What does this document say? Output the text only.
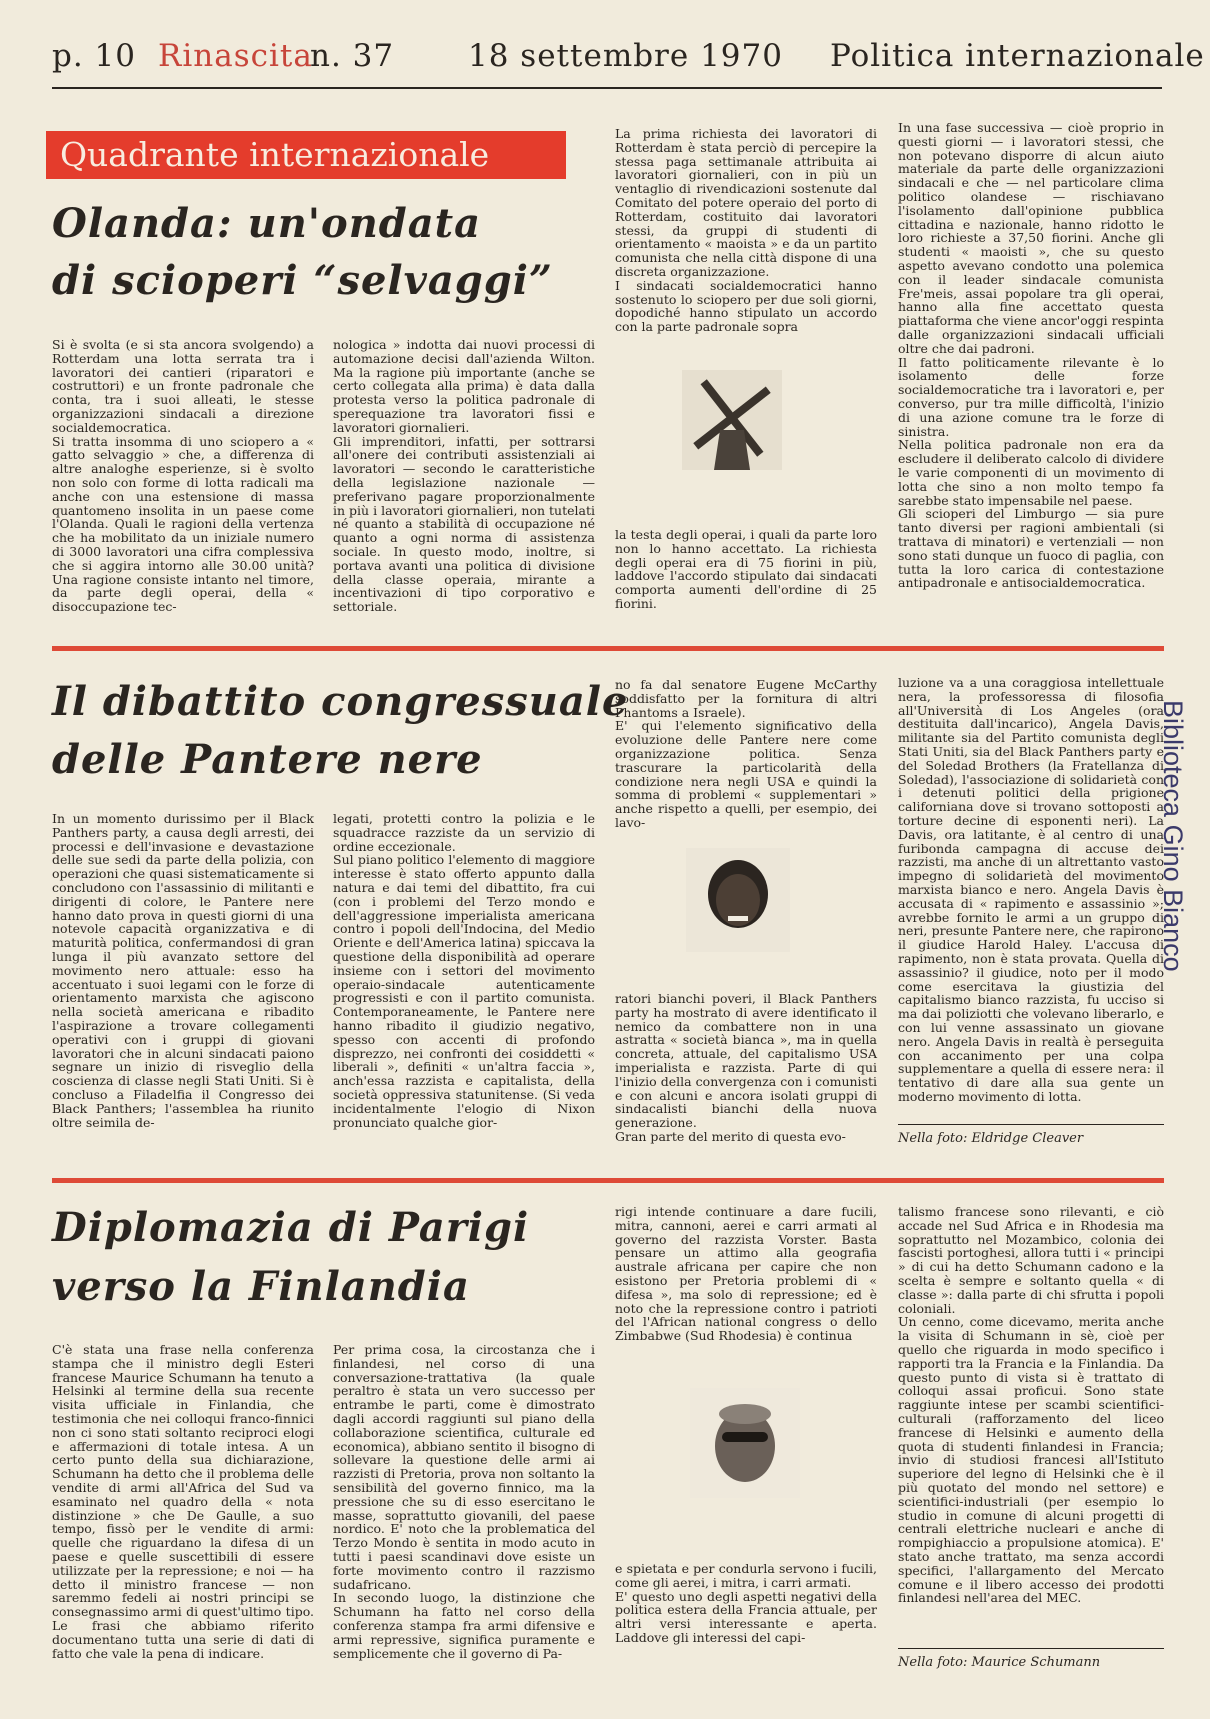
p. 10 Rinascita
n. 37 18 settembre 1970 Politica internazionale
Quadrante internazionale
Olanda: un'ondata
di scioperi “selvaggi”
Si è svolta (e si sta ancora svolgendo) a Rotterdam una lotta serrata tra i lavoratori dei cantieri (riparatori e costruttori) e un fronte padronale che conta, tra i suoi alleati, le stesse organizzazioni sindacali a direzione socialdemocratica.
Si tratta insomma di uno sciopero a « gatto selvaggio » che, a differenza di altre analoghe esperienze, si è svolto non solo con forme di lotta radicali ma anche con una estensione di massa quantomeno insolita in un paese come l'Olanda. Quali le ragioni della vertenza che ha mobilitato da un iniziale numero di 3000 lavoratori una cifra complessiva che si aggira intorno alle 30.00 unità? Una ragione consiste intanto nel timore, da parte degli operai, della « disoccupazione tec-
nologica » indotta dai nuovi processi di automazione decisi dall'azienda Wilton. Ma la ragione più importante (anche se certo collegata alla prima) è data dalla protesta verso la politica padronale di sperequazione tra lavoratori fissi e lavoratori giornalieri.
Gli imprenditori, infatti, per sottrarsi all'onere dei contributi assistenziali ai lavoratori — secondo le caratteristiche della legislazione nazionale — preferivano pagare proporzionalmente in più i lavoratori giornalieri, non tutelati né quanto a stabilità di occupazione né quanto a ogni norma di assistenza sociale. In questo modo, inoltre, si portava avanti una politica di divisione della classe operaia, mirante a incentivazioni di tipo corporativo e settoriale.
La prima richiesta dei lavoratori di Rotterdam è stata perciò di percepire la stessa paga settimanale attribuita ai lavoratori giornalieri, con in più un ventaglio di rivendicazioni sostenute dal Comitato del potere operaio del porto di Rotterdam, costituito dai lavoratori stessi, da gruppi di studenti di orientamento « maoista » e da un partito comunista che nella città dispone di una discreta organizzazione.
I sindacati socialdemocratici hanno sostenuto lo sciopero per due soli giorni, dopodiché hanno stipulato un accordo con la parte padronale sopra
la testa degli operai, i quali da parte loro non lo hanno accettato. La richiesta degli operai era di 75 fiorini in più, laddove l'accordo stipulato dai sindacati comporta aumenti dell'ordine di 25 fiorini.
In una fase successiva — cioè proprio in questi giorni — i lavoratori stessi, che non potevano disporre di alcun aiuto materiale da parte delle organizzazioni sindacali e che — nel particolare clima politico olandese — rischiavano l'isolamento dall'opinione pubblica cittadina e nazionale, hanno ridotto le loro richieste a 37,50 fiorini. Anche gli studenti « maoisti », che su questo aspetto avevano condotto una polemica con il leader sindacale comunista Fre'meis, assai popolare tra gli operai, hanno alla fine accettato questa piattaforma che viene ancor'oggi respinta dalle organizzazioni sindacali ufficiali oltre che dai padroni.
Il fatto politicamente rilevante è lo isolamento delle forze socialdemocratiche tra i lavoratori e, per converso, pur tra mille difficoltà, l'inizio di una azione comune tra le forze di sinistra.
Nella politica padronale non era da escludere il deliberato calcolo di dividere le varie componenti di un movimento di lotta che sino a non molto tempo fa sarebbe stato impensabile nel paese.
Gli scioperi del Limburgo — sia pure tanto diversi per ragioni ambientali (si trattava di minatori) e vertenziali — non sono stati dunque un fuoco di paglia, con tutta la loro carica di contestazione antipadronale e antisocialdemocratica.
Il dibattito congressuale
delle Pantere nere
In un momento durissimo per il Black Panthers party, a causa degli arresti, dei processi e dell'invasione e devastazione delle sue sedi da parte della polizia, con operazioni che quasi sistematicamente si concludono con l'assassinio di militanti e dirigenti di colore, le Pantere nere hanno dato prova in questi giorni di una notevole capacità organizzativa e di maturità politica, confermandosi di gran lunga il più avanzato settore del movimento nero attuale: esso ha accentuato i suoi legami con le forze di orientamento marxista che agiscono nella società americana e ribadito l'aspirazione a trovare collegamenti operativi con i gruppi di giovani lavoratori che in alcuni sindacati paiono segnare un inizio di risveglio della coscienza di classe negli Stati Uniti. Si è concluso a Filadelfia il Congresso dei Black Panthers; l'assemblea ha riunito oltre seimila de-
legati, protetti contro la polizia e le squadracce razziste da un servizio di ordine eccezionale.
Sul piano politico l'elemento di maggiore interesse è stato offerto appunto dalla natura e dai temi del dibattito, fra cui (con i problemi del Terzo mondo e dell'aggressione imperialista americana contro i popoli dell'Indocina, del Medio Oriente e dell'America latina) spiccava la questione della disponibilità ad operare insieme con i settori del movimento operaio-sindacale autenticamente progressisti e con il partito comunista. Contemporaneamente, le Pantere nere hanno ribadito il giudizio negativo, spesso con accenti di profondo disprezzo, nei confronti dei cosiddetti « liberali », definiti « un'altra faccia », anch'essa razzista e capitalista, della società oppressiva statunitense. (Si veda incidentalmente l'elogio di Nixon pronunciato qualche gior-
no fa dal senatore Eugene McCarthy soddisfatto per la fornitura di altri Phantoms a Israele).
E' qui l'elemento significativo della evoluzione delle Pantere nere come organizzazione politica. Senza trascurare la particolarità della condizione nera negli USA e quindi la somma di problemi « supplementari » anche rispetto a quelli, per esempio, dei lavo-
ratori bianchi poveri, il Black Panthers party ha mostrato di avere identificato il nemico da combattere non in una astratta « società bianca », ma in quella concreta, attuale, del capitalismo USA imperialista e razzista. Parte di qui l'inizio della convergenza con i comunisti e con alcuni e ancora isolati gruppi di sindacalisti bianchi della nuova generazione.
Gran parte del merito di questa evo-
luzione va a una coraggiosa intellettuale nera, la professoressa di filosofia all'Università di Los Angeles (ora destituita dall'incarico), Angela Davis, militante sia del Partito comunista degli Stati Uniti, sia del Black Panthers party e del Soledad Brothers (la Fratellanza di Soledad), l'associazione di solidarietà con i detenuti politici della prigione californiana dove si trovano sottoposti a torture decine di esponenti neri). La Davis, ora latitante, è al centro di una furibonda campagna di accuse dei razzisti, ma anche di un altrettanto vasto impegno di solidarietà del movimento marxista bianco e nero. Angela Davis è accusata di « rapimento e assassinio »; avrebbe fornito le armi a un gruppo di neri, presunte Pantere nere, che rapirono il giudice Harold Haley. L'accusa di rapimento, non è stata provata. Quella di assassinio? il giudice, noto per il modo come esercitava la giustizia del capitalismo bianco razzista, fu ucciso si ma dai poliziotti che volevano liberarlo, e con lui venne assassinato un giovane nero. Angela Davis in realtà è perseguita con accanimento per una colpa supplementare a quella di essere nera: il tentativo di dare alla sua gente un moderno movimento di lotta.
Nella foto: Eldridge Cleaver
Diplomazia di Parigi
verso la Finlandia
C'è stata una frase nella conferenza stampa che il ministro degli Esteri francese Maurice Schumann ha tenuto a Helsinki al termine della sua recente visita ufficiale in Finlandia, che testimonia che nei colloqui franco-finnici non ci sono stati soltanto reciproci elogi e affermazioni di totale intesa. A un certo punto della sua dichiarazione, Schumann ha detto che il problema delle vendite di armi all'Africa del Sud va esaminato nel quadro della « nota distinzione » che De Gaulle, a suo tempo, fissò per le vendite di armi: quelle che riguardano la difesa di un paese e quelle suscettibili di essere utilizzate per la repressione; e noi — ha detto il ministro francese — non saremmo fedeli ai nostri principi se consegnassimo armi di quest'ultimo tipo. Le frasi che abbiamo riferito documentano tutta una serie di dati di fatto che vale la pena di indicare.
Per prima cosa, la circostanza che i finlandesi, nel corso di una conversazione-trattativa (la quale peraltro è stata un vero successo per entrambe le parti, come è dimostrato dagli accordi raggiunti sul piano della collaborazione scientifica, culturale ed economica), abbiano sentito il bisogno di sollevare la questione delle armi ai razzisti di Pretoria, prova non soltanto la sensibilità del governo finnico, ma la pressione che su di esso esercitano le masse, soprattutto giovanili, del paese nordico. E' noto che la problematica del Terzo Mondo è sentita in modo acuto in tutti i paesi scandinavi dove esiste un forte movimento contro il razzismo sudafricano.
In secondo luogo, la distinzione che Schumann ha fatto nel corso della conferenza stampa fra armi difensive e armi repressive, significa puramente e semplicemente che il governo di Pa-
rigi intende continuare a dare fucili, mitra, cannoni, aerei e carri armati al governo del razzista Vorster. Basta pensare un attimo alla geografia australe africana per capire che non esistono per Pretoria problemi di « difesa », ma solo di repressione; ed è noto che la repressione contro i patrioti del l'African national congress o dello Zimbabwe (Sud Rhodesia) è continua
e spietata e per condurla servono i fucili, come gli aerei, i mitra, i carri armati.
E' questo uno degli aspetti negativi della politica estera della Francia attuale, per altri versi interessante e aperta. Laddove gli interessi del capi-
talismo francese sono rilevanti, e ciò accade nel Sud Africa e in Rhodesia ma soprattutto nel Mozambico, colonia dei fascisti portoghesi, allora tutti i « principi » di cui ha detto Schumann cadono e la scelta è sempre e soltanto quella « di classe »: dalla parte di chi sfrutta i popoli coloniali.
Un cenno, come dicevamo, merita anche la visita di Schumann in sè, cioè per quello che riguarda in modo specifico i rapporti tra la Francia e la Finlandia. Da questo punto di vista si è trattato di colloqui assai proficui. Sono state raggiunte intese per scambi scientifici-culturali (rafforzamento del liceo francese di Helsinki e aumento della quota di studenti finlandesi in Francia; invio di studiosi francesi all'Istituto superiore del legno di Helsinki che è il più quotato del mondo nel settore) e scientifici-industriali (per esempio lo studio in comune di alcuni progetti di centrali elettriche nucleari e anche di rompighiaccio a propulsione atomica). E' stato anche trattato, ma senza accordi specifici, l'allargamento del Mercato comune e il libero accesso dei prodotti finlandesi nell'area del MEC.
Nella foto: Maurice Schumann
Biblioteca Gino Bianco
